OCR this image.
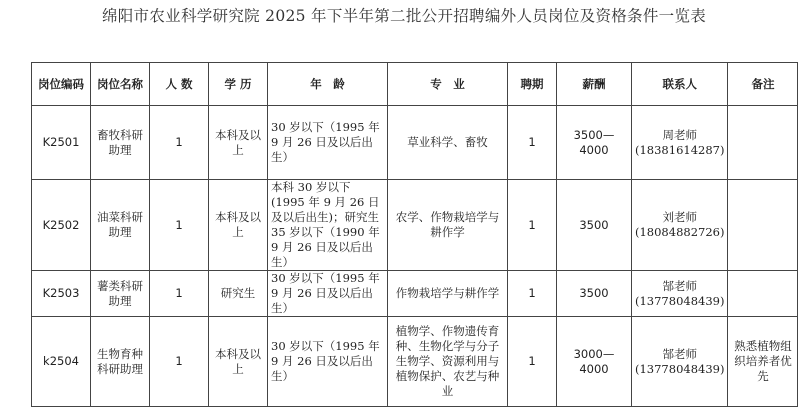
绵阳市农业科学研究院 2025 年下半年第二批公开招聘编外人员岗位及资格条件一览表
岗位编码	岗位名称	人 数	学 历	年　龄	专　业	聘期	薪酬	联系人	备注
K2501	畜牧科研助理	1	本科及以上	30 岁以下（1995 年 9 月 26 日及以后出生）	草业科学、畜牧	1	3500—4000	周老师(18381614287)	
K2502	油菜科研助理	1	本科及以上	本科 30 岁以下(1995 年 9 月 26 日及以后出生)；研究生 35 岁以下（1990 年 9 月 26 日及以后出生）	农学、作物栽培学与耕作学	1	3500	刘老师(18084882726)	
K2503	薯类科研助理	1	研究生	30 岁以下（1995 年 9 月 26 日及以后出生）	作物栽培学与耕作学	1	3500	郜老师(13778048439)	
k2504	生物育种科研助理	1	本科及以上	30 岁以下（1995 年 9 月 26 日及以后出生）	植物学、作物遗传育种、生物化学与分子生物学、资源利用与植物保护、农艺与种业	1	3000—4000	郜老师(13778048439)	熟悉植物组织培养者优先
